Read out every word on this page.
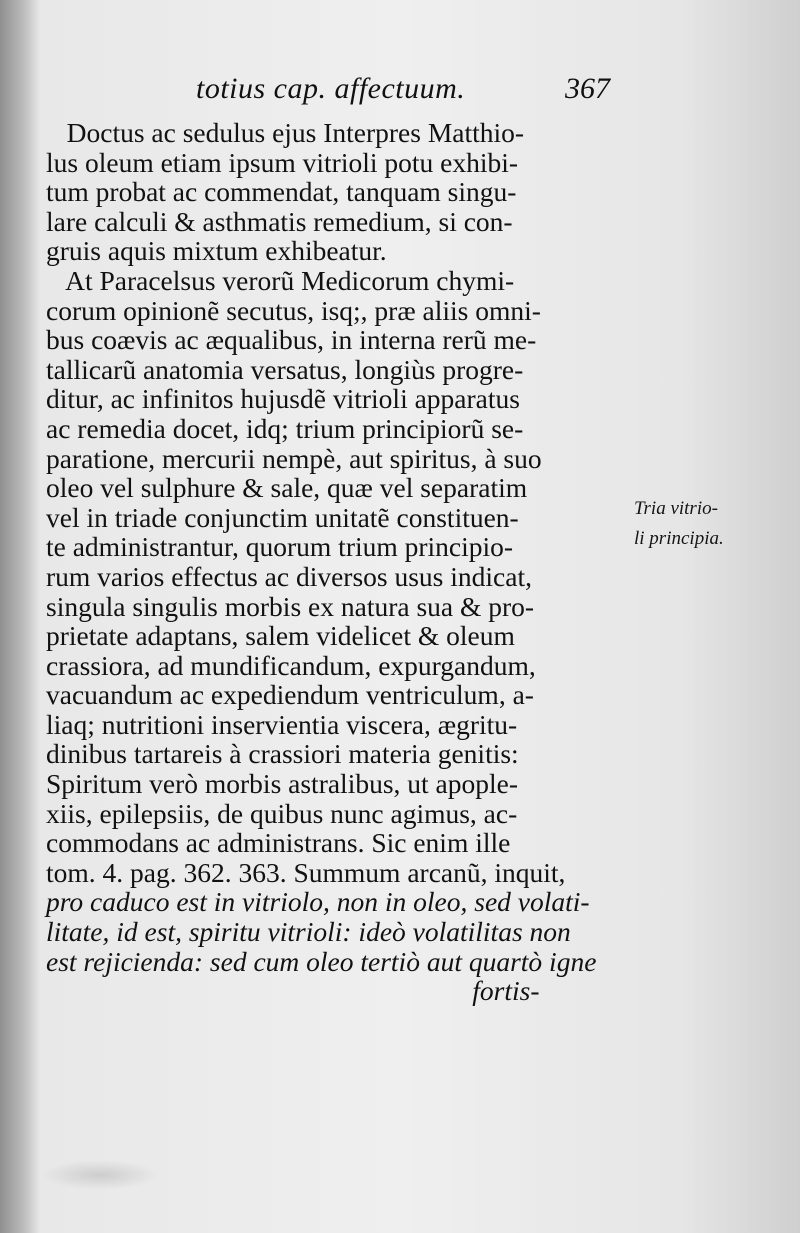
totius cap. affectuum.	367
Doctus ac sedulus ejus Interpres Matthio-
lus oleum etiam ipsum vitrioli potu exhibi-
tum probat ac commendat, tanquam singu-
lare calculi & asthmatis remedium, si con-
gruis aquis mixtum exhibeatur.
At Paracelsus verorũ Medicorum chymi-
corum opinionẽ secutus, isq;, præ aliis omni-
bus coævis ac æqualibus, in interna rerũ me-
tallicarũ anatomia versatus, longiùs progre-
ditur, ac infinitos hujusdẽ vitrioli apparatus
ac remedia docet, idq; trium principiorũ se-
paratione, mercurii nempè, aut spiritus, à suo
oleo vel sulphure & sale, quæ vel separatim
vel in triade conjunctim unitatẽ constituen-
te administrantur, quorum trium principio-
rum varios effectus ac diversos usus indicat,
singula singulis morbis ex natura sua & pro-
prietate adaptans, salem videlicet & oleum
crassiora, ad mundificandum, expurgandum,
vacuandum ac expediendum ventriculum, a-
liaq; nutritioni inservientia viscera, ægritu-
dinibus tartareis à crassiori materia genitis:
Spiritum verò morbis astralibus, ut apople-
xiis, epilepsiis, de quibus nunc agimus, ac-
commodans ac administrans. Sic enim ille
tom. 4. pag. 362. 363. Summum arcanũ, inquit,
pro caduco est in vitriolo, non in oleo, sed volati-
litate, id est, spiritu vitrioli: ideò volatilitas non
est rejicienda: sed cum oleo tertiò aut quartò igne
fortis-
Tria vitrio-
li principia.
